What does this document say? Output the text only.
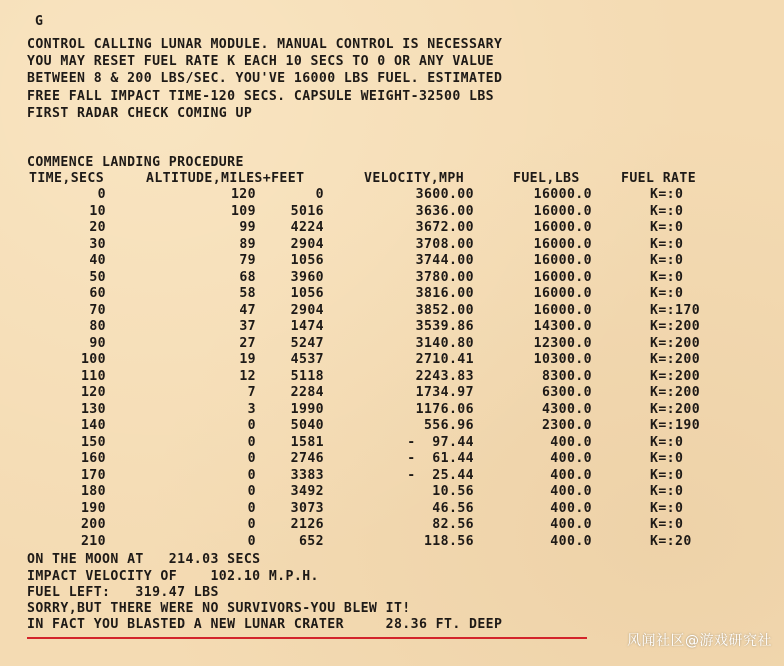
G
CONTROL CALLING LUNAR MODULE. MANUAL CONTROL IS NECESSARY
YOU MAY RESET FUEL RATE K EACH 10 SECS TO 0 OR ANY VALUE
BETWEEN 8 & 200 LBS/SEC. YOU'VE 16000 LBS FUEL. ESTIMATED
FREE FALL IMPACT TIME-120 SECS. CAPSULE WEIGHT-32500 LBS
FIRST RADAR CHECK COMING UP
COMMENCE LANDING PROCEDURE
TIME,SECS	ALTITUDE,MILES+FEET	VELOCITY,MPH	FUEL,LBS	FUEL RATE
0	120	0	3600.00	16000.0	K=:0
10	109	5016	3636.00	16000.0	K=:0
20	99	4224	3672.00	16000.0	K=:0
30	89	2904	3708.00	16000.0	K=:0
40	79	1056	3744.00	16000.0	K=:0
50	68	3960	3780.00	16000.0	K=:0
60	58	1056	3816.00	16000.0	K=:0
70	47	2904	3852.00	16000.0	K=:170
80	37	1474	3539.86	14300.0	K=:200
90	27	5247	3140.80	12300.0	K=:200
100	19	4537	2710.41	10300.0	K=:200
110	12	5118	2243.83	8300.0	K=:200
120	7	2284	1734.97	6300.0	K=:200
130	3	1990	1176.06	4300.0	K=:200
140	0	5040	556.96	2300.0	K=:190
150	0	1581	-  97.44	400.0	K=:0
160	0	2746	-  61.44	400.0	K=:0
170	0	3383	-  25.44	400.0	K=:0
180	0	3492	10.56	400.0	K=:0
190	0	3073	46.56	400.0	K=:0
200	0	2126	82.56	400.0	K=:0
210	0	652	118.56	400.0	K=:20
ON THE MOON AT   214.03 SECS
IMPACT VELOCITY OF    102.10 M.P.H.
FUEL LEFT:   319.47 LBS
SORRY,BUT THERE WERE NO SURVIVORS-YOU BLEW IT!
IN FACT YOU BLASTED A NEW LUNAR CRATER     28.36 FT. DEEP
风闻社区@游戏研究社
